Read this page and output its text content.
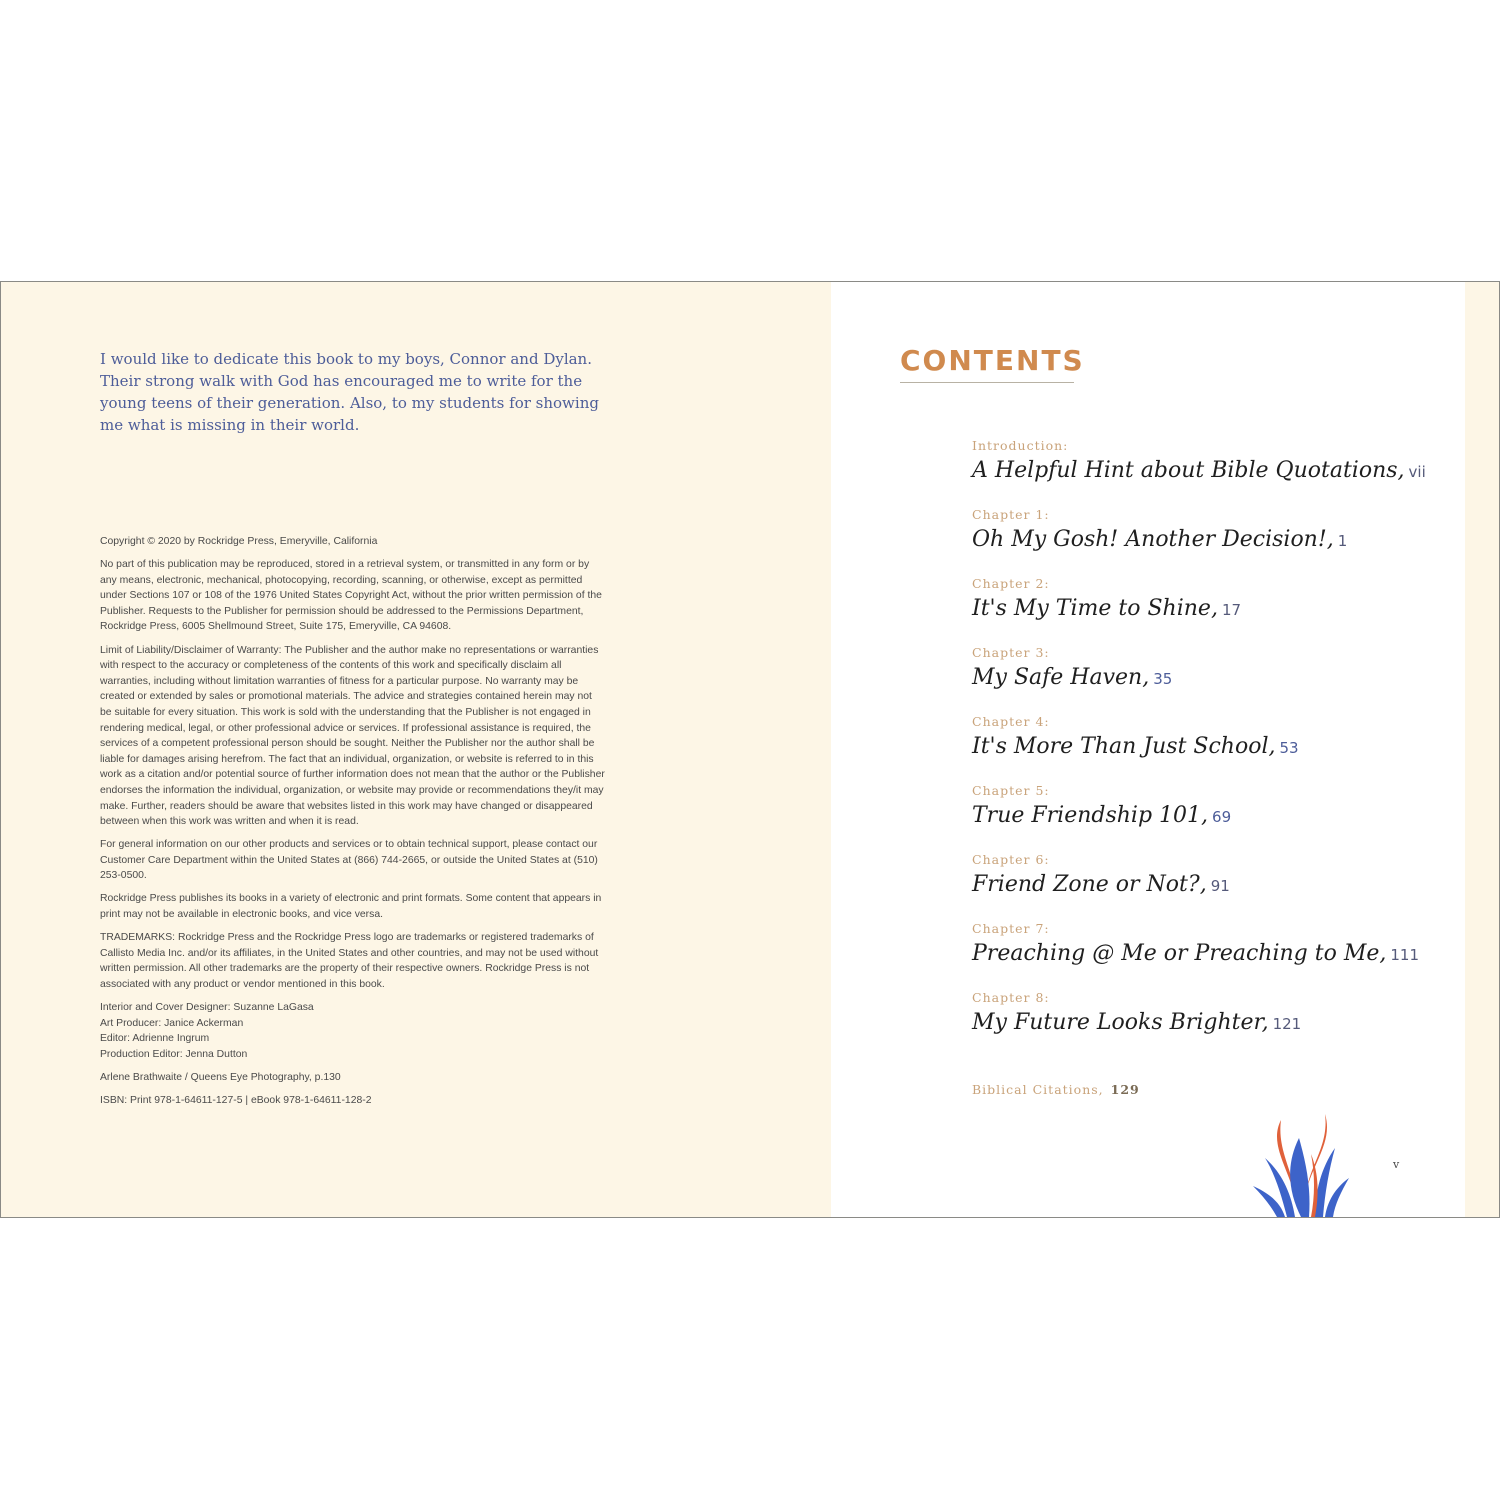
I would like to dedicate this book to my boys, Connor and Dylan. Their strong walk with God has encouraged me to write for the young teens of their generation. Also, to my students for showing me what is missing in their world.

Copyright © 2020 by Rockridge Press, Emeryville, California

No part of this publication may be reproduced, stored in a retrieval system, or transmitted in any form or by any means, electronic, mechanical, photocopying, recording, scanning, or otherwise, except as permitted under Sections 107 or 108 of the 1976 United States Copyright Act, without the prior written permission of the Publisher. Requests to the Publisher for permission should be addressed to the Permissions Department, Rockridge Press, 6005 Shellmound Street, Suite 175, Emeryville, CA 94608.

Limit of Liability/Disclaimer of Warranty: The Publisher and the author make no representations or warranties with respect to the accuracy or completeness of the contents of this work and specifically disclaim all warranties, including without limitation warranties of fitness for a particular purpose. No warranty may be created or extended by sales or promotional materials. The advice and strategies contained herein may not be suitable for every situation. This work is sold with the understanding that the Publisher is not engaged in rendering medical, legal, or other professional advice or services. If professional assistance is required, the services of a competent professional person should be sought. Neither the Publisher nor the author shall be liable for damages arising herefrom. The fact that an individual, organization, or website is referred to in this work as a citation and/or potential source of further information does not mean that the author or the Publisher endorses the information the individual, organization, or website may provide or recommendations they/it may make. Further, readers should be aware that websites listed in this work may have changed or disappeared between when this work was written and when it is read.

For general information on our other products and services or to obtain technical support, please contact our Customer Care Department within the United States at (866) 744-2665, or outside the United States at (510) 253-0500.

Rockridge Press publishes its books in a variety of electronic and print formats. Some content that appears in print may not be available in electronic books, and vice versa.

TRADEMARKS: Rockridge Press and the Rockridge Press logo are trademarks or registered trademarks of Callisto Media Inc. and/or its affiliates, in the United States and other countries, and may not be used without written permission. All other trademarks are the property of their respective owners. Rockridge Press is not associated with any product or vendor mentioned in this book.

Interior and Cover Designer: Suzanne LaGasa
Art Producer: Janice Ackerman
Editor: Adrienne Ingrum
Production Editor: Jenna Dutton

Arlene Brathwaite / Queens Eye Photography, p.130

ISBN: Print 978-1-64611-127-5 | eBook 978-1-64611-128-2

CONTENTS
Introduction:
A Helpful Hint about Bible Quotations, vii
Chapter 1:
Oh My Gosh! Another Decision!, 1
Chapter 2:
It's My Time to Shine, 17
Chapter 3:
My Safe Haven, 35
Chapter 4:
It's More Than Just School, 53
Chapter 5:
True Friendship 101, 69
Chapter 6:
Friend Zone or Not?, 91
Chapter 7:
Preaching @ Me or Preaching to Me, 111
Chapter 8:
My Future Looks Brighter, 121
Biblical Citations, 129
v
